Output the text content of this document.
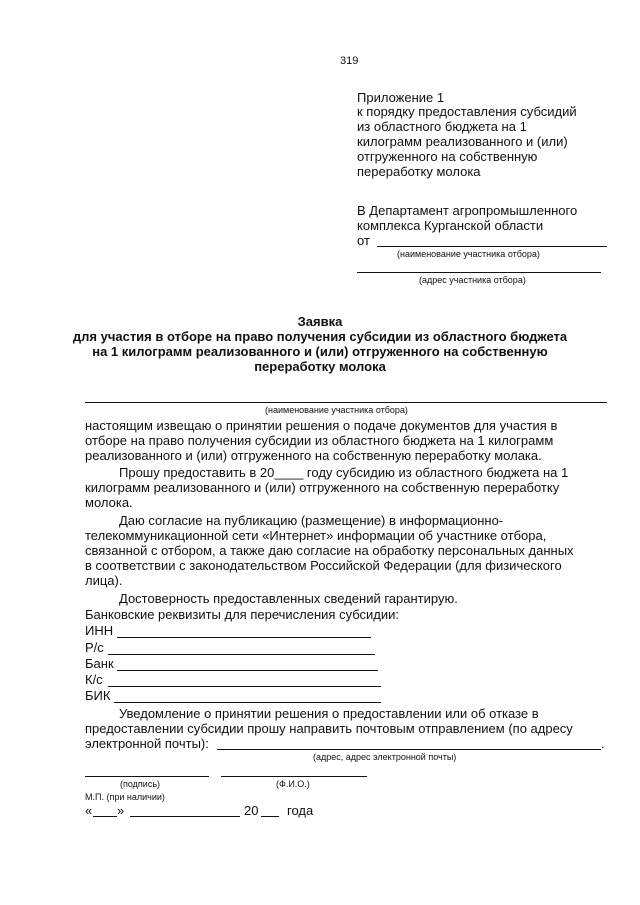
319
Приложение 1
к порядку предоставления субсидий
из областного бюджета на 1
килограмм реализованного и (или)
отгруженного на собственную
переработку молока
В Департамент агропромышленного
комплекса Курганской области
от
(наименование участника отбора)
(адрес участника отбора)
Заявка
для участия в отборе на право получения субсидии из областного бюджета
на 1 килограмм реализованного и (или) отгруженного на собственную
переработку молока
(наименование участника отбора)
настоящим извещаю о принятии решения о подаче документов для участия в
отборе на право получения субсидии из областного бюджета на 1 килограмм
реализованного и (или) отгруженного на собственную переработку молака.
Прошу предоставить в 20____ году субсидию из областного бюджета на 1
килограмм реализованного и (или) отгруженного на собственную переработку
молока.
Даю согласие на публикацию (размещение) в информационно-
телекоммуникационной сети «Интернет» информации об участнике отбора,
связанной с отбором, а также даю согласие на обработку персональных данных
в соответствии с законодательством Российской Федерации (для физического
лица).
Достоверность предоставленных сведений гарантирую.
Банковские реквизиты для перечисления субсидии:
ИНН
Р/с
Банк
К/с
БИК
Уведомление о принятии решения о предоставлении или об отказе в
предоставлении субсидии прошу направить почтовым отправлением (по адресу
электронной почты):	.
(адрес, адрес электронной почты)
(подпись)	(Ф.И.О.)
М.П. (при наличии)
« »	20 года
